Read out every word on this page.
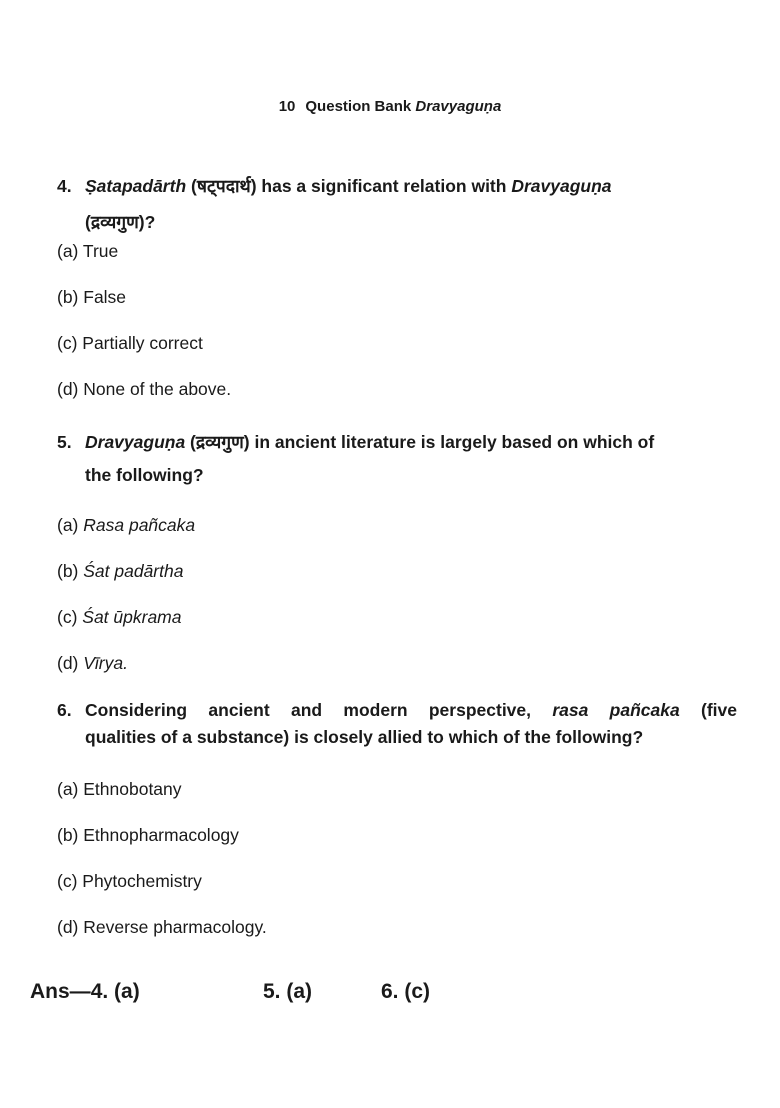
10 Question Bank Dravyaguṇa
4. Ṣatapadārth (षट्पदार्थ) has a significant relation with Dravyaguṇa
(द्रव्यगुण)?
(a) True
(b) False
(c) Partially correct
(d) None of the above.
5. Dravyaguṇa (द्रव्यगुण) in ancient literature is largely based on which of
the following?
(a) Rasa pañcaka
(b) Śat padārtha
(c) Śat ūpkrama
(d) Vīrya.
6. Considering ancient and modern perspective, rasa pañcaka (five
qualities of a substance) is closely allied to which of the following?
(a) Ethnobotany
(b) Ethnopharmacology
(c) Phytochemistry
(d) Reverse pharmacology.
Ans—4. (a)	5. (a)	6. (c)
